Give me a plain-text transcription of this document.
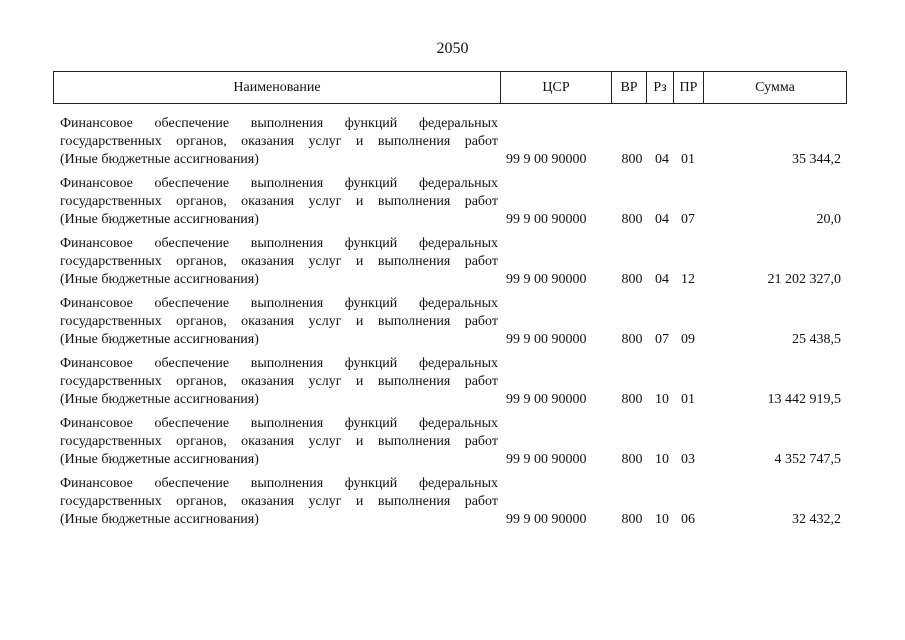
2050
Наименование	ЦСР	ВР	Рз ПР	Сумма
Финансовое обеспечение выполнения функций федеральных
государственных органов, оказания услуг и выполнения работ
(Иные бюджетные ассигнования)	99 9 00 90000	800 04 01	35 344,2
Финансовое обеспечение выполнения функций федеральных
государственных органов, оказания услуг и выполнения работ
(Иные бюджетные ассигнования)	99 9 00 90000	800 04 07	20,0
Финансовое обеспечение выполнения функций федеральных
государственных органов, оказания услуг и выполнения работ
(Иные бюджетные ассигнования)	99 9 00 90000	800 04 12	21 202 327,0
Финансовое обеспечение выполнения функций федеральных
государственных органов, оказания услуг и выполнения работ
(Иные бюджетные ассигнования)	99 9 00 90000	800 07 09	25 438,5
Финансовое обеспечение выполнения функций федеральных
государственных органов, оказания услуг и выполнения работ
(Иные бюджетные ассигнования)	99 9 00 90000	800 10 01	13 442 919,5
Финансовое обеспечение выполнения функций федеральных
государственных органов, оказания услуг и выполнения работ
(Иные бюджетные ассигнования)	99 9 00 90000	800 10 03	4 352 747,5
Финансовое обеспечение выполнения функций федеральных
государственных органов, оказания услуг и выполнения работ
(Иные бюджетные ассигнования)	99 9 00 90000	800 10 06	32 432,2
